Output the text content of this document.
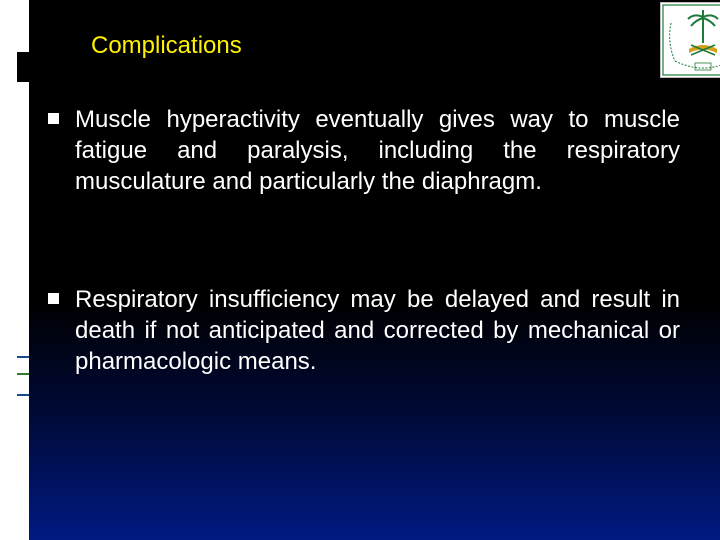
Complications
Muscle hyperactivity eventually gives way to muscle fatigue and paralysis, including the respiratory musculature and particularly the diaphragm.
Respiratory insufficiency may be delayed and result in death if not anticipated and corrected by mechanical or pharmacologic means.
